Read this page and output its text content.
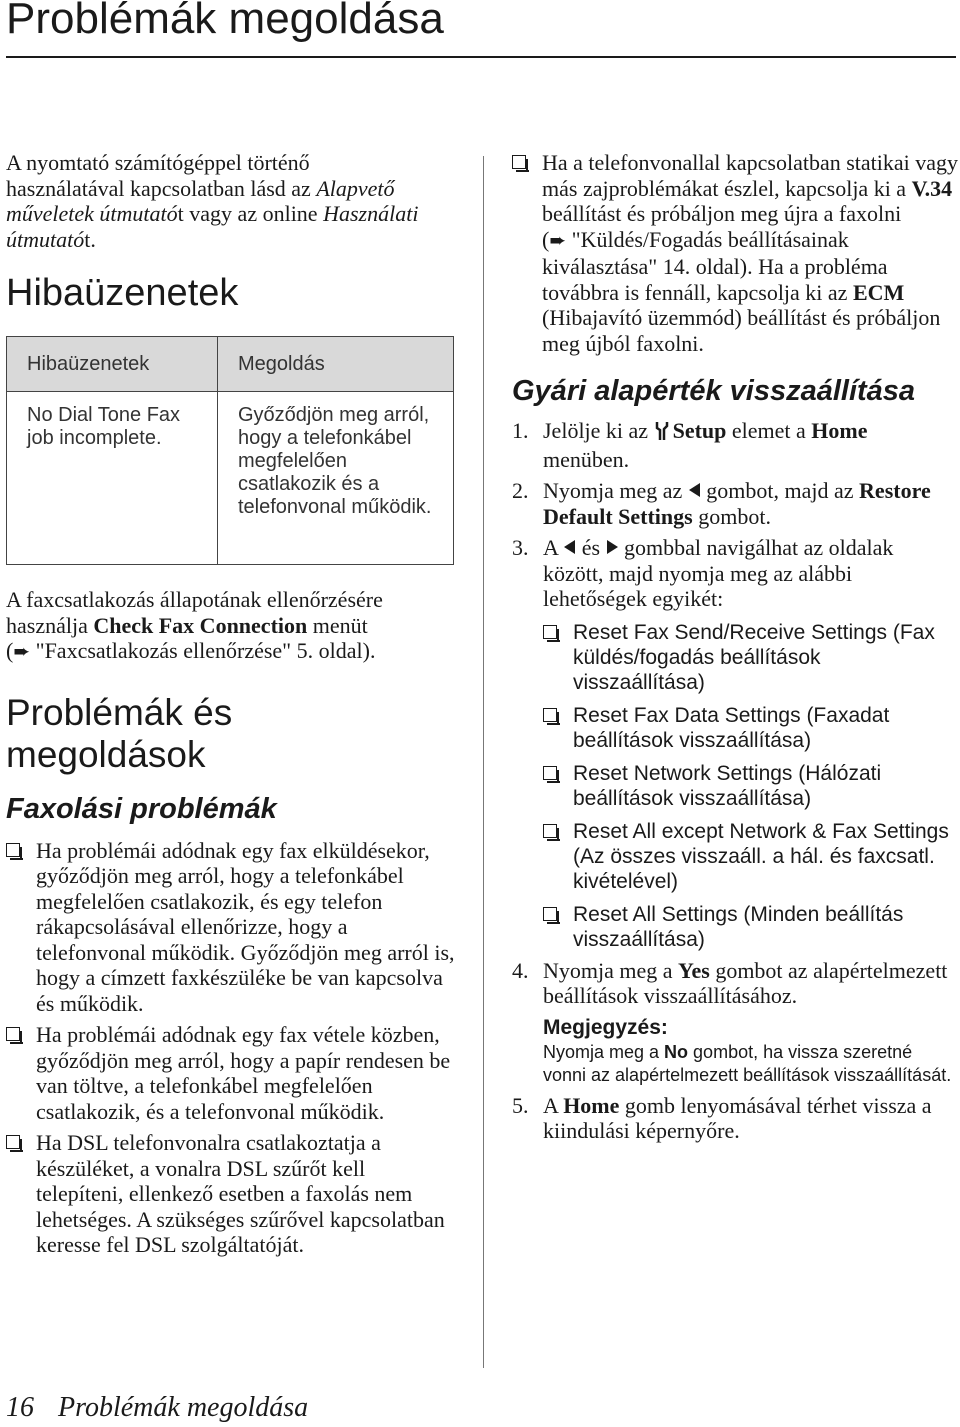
Problémák megoldása

A nyomtató számítógéppel történő használatával kapcsolatban lásd az Alapvető műveletek útmutatót vagy az online Használati útmutatót.

Hibaüzenetek
Hibaüzenetek	Megoldás
No Dial Tone Fax job incomplete.	Győződjön meg arról, hogy a telefonkábel megfelelően csatlakozik és a telefonvonal működik.

A faxcsatlakozás állapotának ellenőrzésére használja Check Fax Connection menüt
(➨ "Faxcsatlakozás ellenőrzése" 5. oldal).

Problémák és megoldások
Faxolási problémák
Ha problémái adódnak egy fax elküldésekor, győződjön meg arról, hogy a telefonkábel megfelelően csatlakozik, és egy telefon rákapcsolásával ellenőrizze, hogy a telefonvonal működik. Győződjön meg arról is, hogy a címzett faxkészüléke be van kapcsolva és működik.
Ha problémái adódnak egy fax vétele közben, győződjön meg arról, hogy a papír rendesen be van töltve, a telefonkábel megfelelően csatlakozik, és a telefonvonal működik.
Ha DSL telefonvonalra csatlakoztatja a készüléket, a vonalra DSL szűrőt kell telepíteni, ellenkező esetben a faxolás nem lehetséges. A szükséges szűrővel kapcsolatban keresse fel DSL szolgáltatóját.
Ha a telefonvonallal kapcsolatban statikai vagy más zajproblémákat észlel, kapcsolja ki a V.34 beállítást és próbáljon meg újra a faxolni
(➨ "Küldés/Fogadás beállításainak kiválasztása" 14. oldal). Ha a probléma továbbra is fennáll, kapcsolja ki az ECM (Hibajavító üzemmód) beállítást és próbáljon meg újból faxolni.
Gyári alapérték visszaállítása
1. Jelölje ki az Setup elemet a Home menüben.
2. Nyomja meg az  gombot, majd az Restore Default Settings gombot.
3. A  és  gombbal navigálhat az oldalak között, majd nyomja meg az alábbi lehetőségek egyikét:
Reset Fax Send/Receive Settings (Fax küldés/fogadás beállítások visszaállítása)
Reset Fax Data Settings (Faxadat beállítások visszaállítása)
Reset Network Settings (Hálózati beállítások visszaállítása)
Reset All except Network & Fax Settings (Az összes visszaáll. a hál. és faxcsatl. kivételével)
Reset All Settings (Minden beállítás visszaállítása)
4. Nyomja meg a Yes gombot az alapértelmezett beállítások visszaállításához.

Megjegyzés:

Nyomja meg a No gombot, ha vissza szeretné vonni az alapértelmezett beállítások visszaállítását.

5. A Home gomb lenyomásával térhet vissza a kiindulási képernyőre.
16 Problémák megoldása
